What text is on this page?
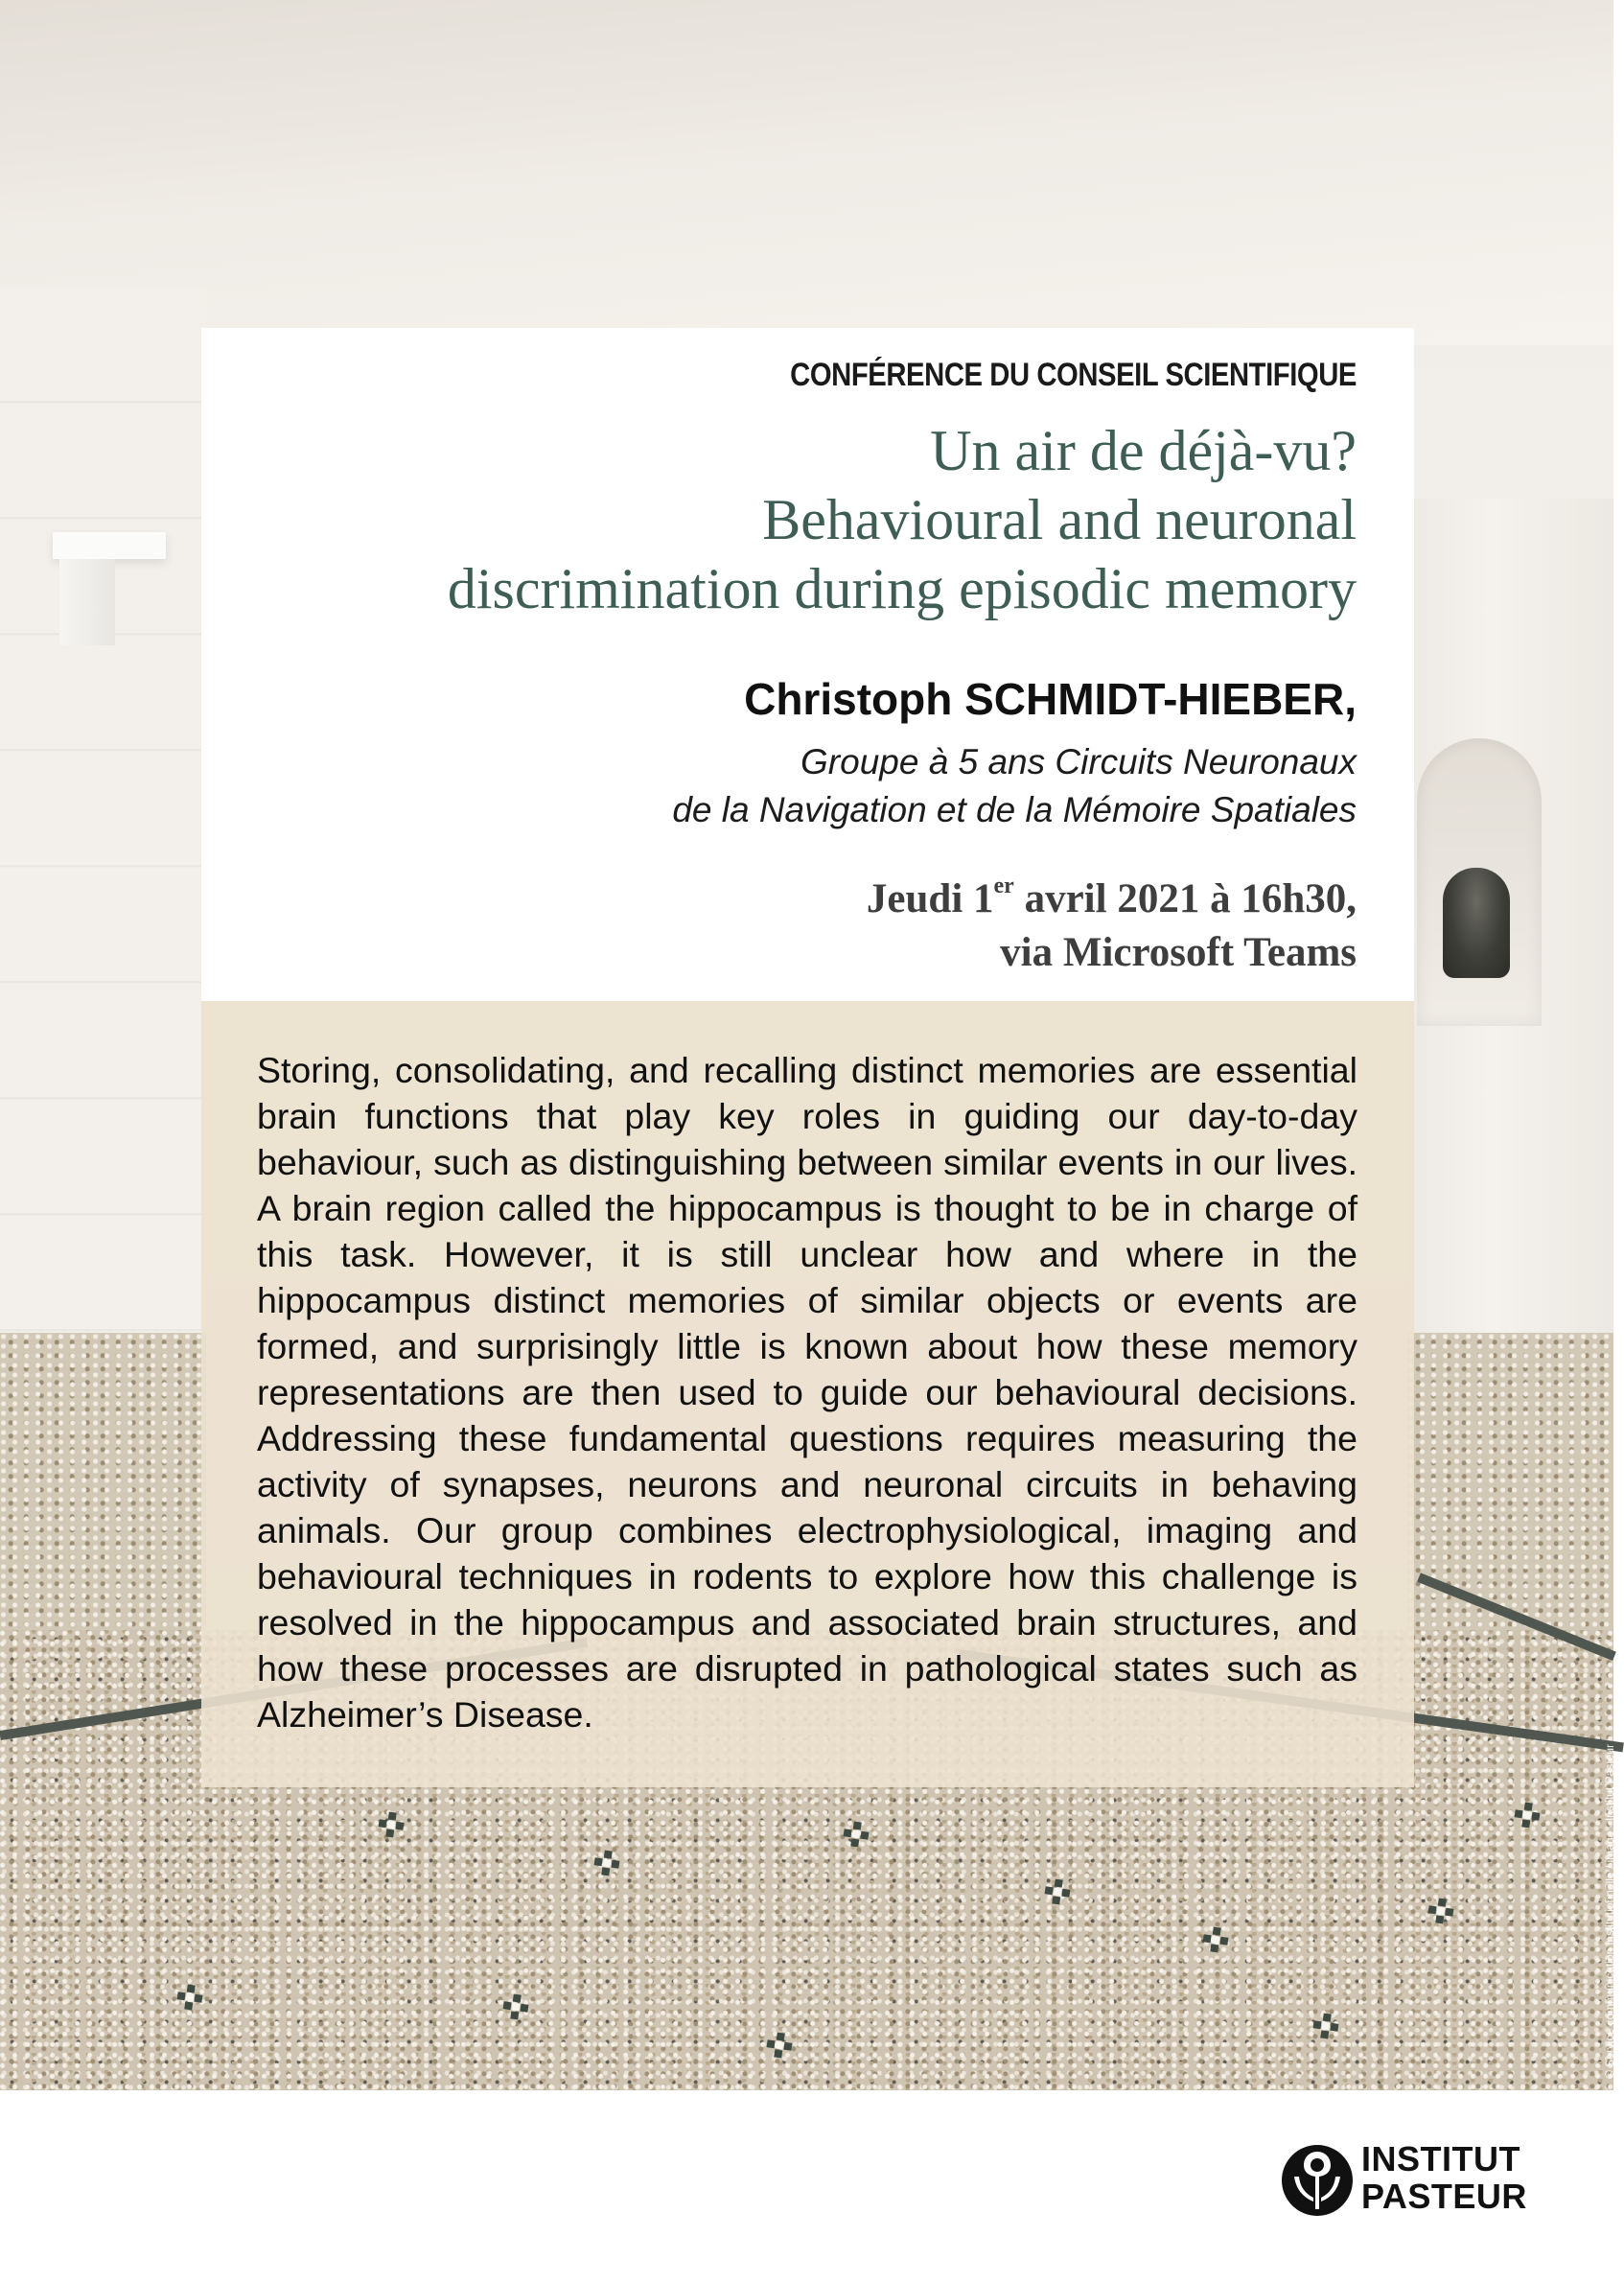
CONFÉRENCE DU CONSEIL SCIENTIFIQUE
Un air de déjà-vu?
Behavioural and neuronal
discrimination during episodic memory
Christoph SCHMIDT-HIEBER,
Groupe à 5 ans Circuits Neuronaux
de la Navigation et de la Mémoire Spatiales
Jeudi 1er avril 2021 à 16h30,
via Microsoft Teams

Storing, consolidating, and recalling distinct memories are essential brain functions that play key roles in guiding our day-to-day behaviour, such as distinguishing between similar events in our lives. A brain region called the hippocampus is thought to be in charge of this task. However, it is still unclear how and where in the hippocampus distinct memories of similar objects or events are formed, and surprisingly little is known about how these memory representations are then used to guide our behavioural decisions. Addressing these fundamental questions requires measuring the activity of synapses, neurons and neuronal circuits in behaving animals. Our group combines electrophysiological, imaging and behavioural techniques in rodents to explore how this challenge is resolved in the hippocampus and associated brain structures, and how these processes are disrupted in pathological states such as Alzheimer’s Disease.

© Service communication institutionnelle / image - Institut Pasteur
INSTITUT
PASTEUR
